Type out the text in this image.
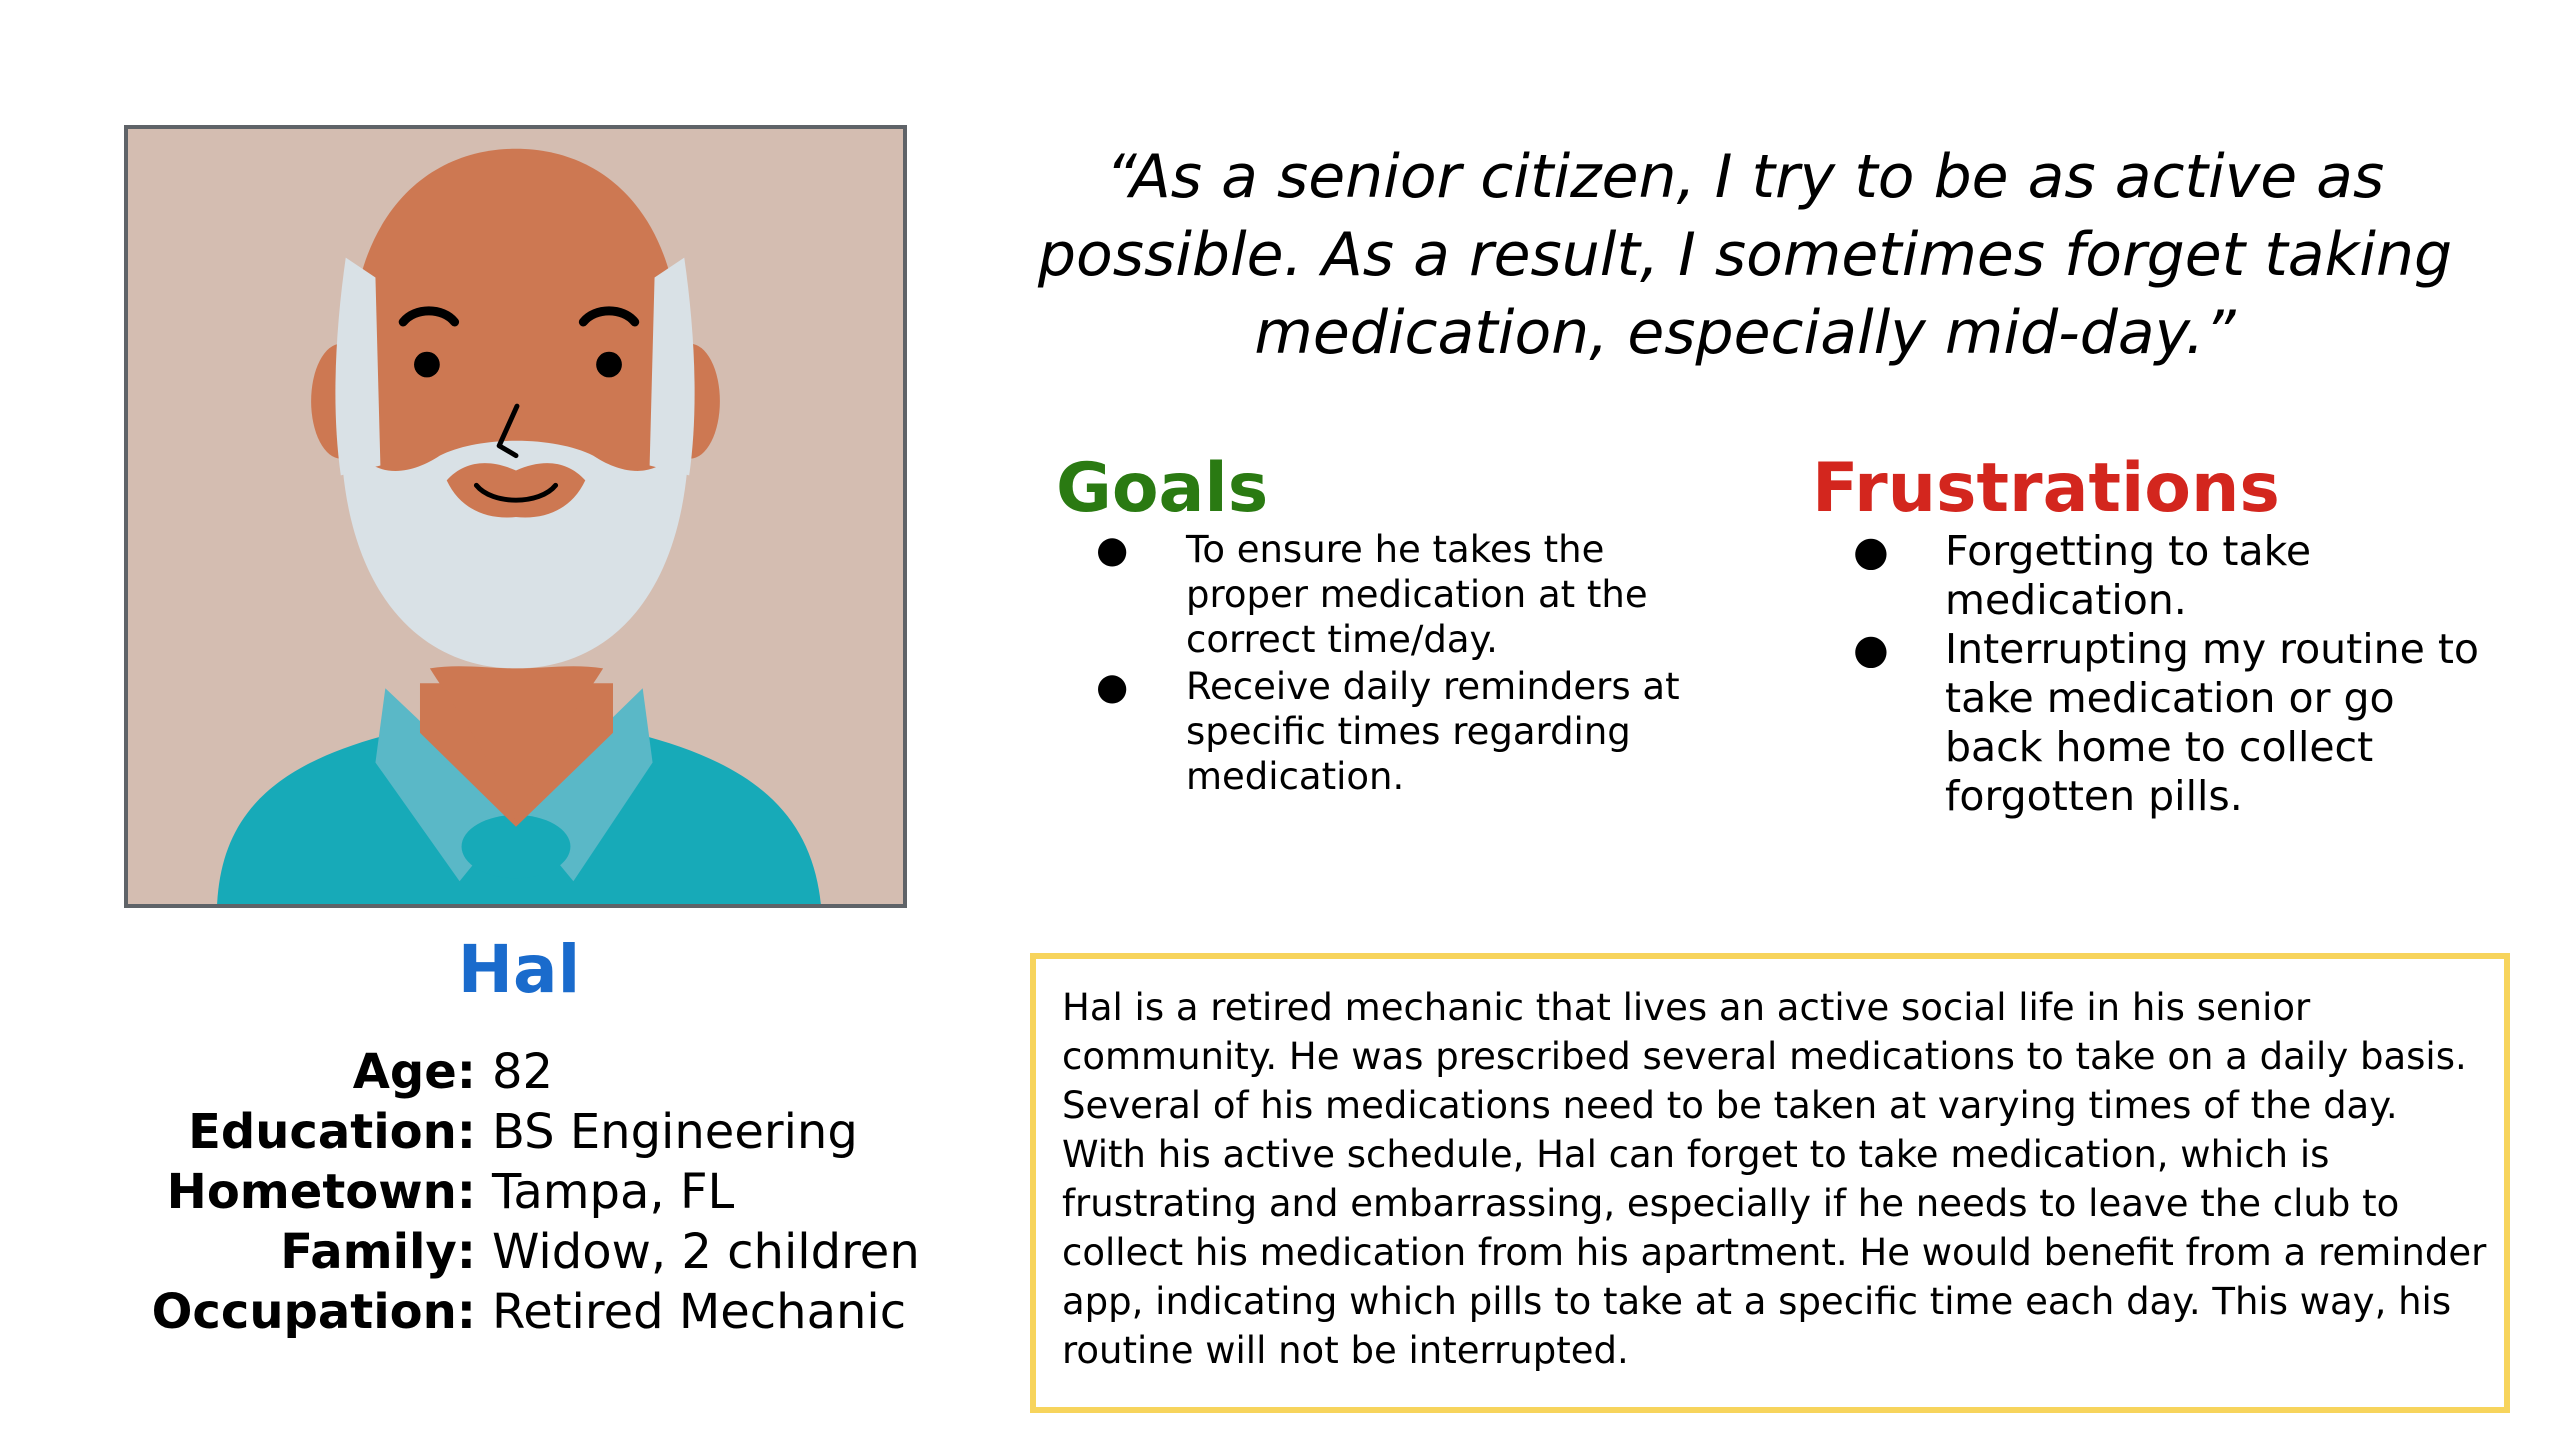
Hal
Age: 82
Education: BS Engineering
Hometown: Tampa, FL
Family: Widow, 2 children
Occupation: Retired Mechanic
“As a senior citizen, I try to be as active as possible. As a result, I sometimes forget taking medication, especially mid-day.”
Goals
● To ensure he takes the proper medication at the correct time/day.
● Receive daily reminders at specific times regarding medication.
Frustrations
● Forgetting to take medication.
● Interrupting my routine to take medication or go back home to collect forgotten pills.
Hal is a retired mechanic that lives an active social life in his senior community. He was prescribed several medications to take on a daily basis. Several of his medications need to be taken at varying times of the day. With his active schedule, Hal can forget to take medication, which is frustrating and embarrassing, especially if he needs to leave the club to collect his medication from his apartment. He would benefit from a reminder app, indicating which pills to take at a specific time each day. This way, his routine will not be interrupted.
